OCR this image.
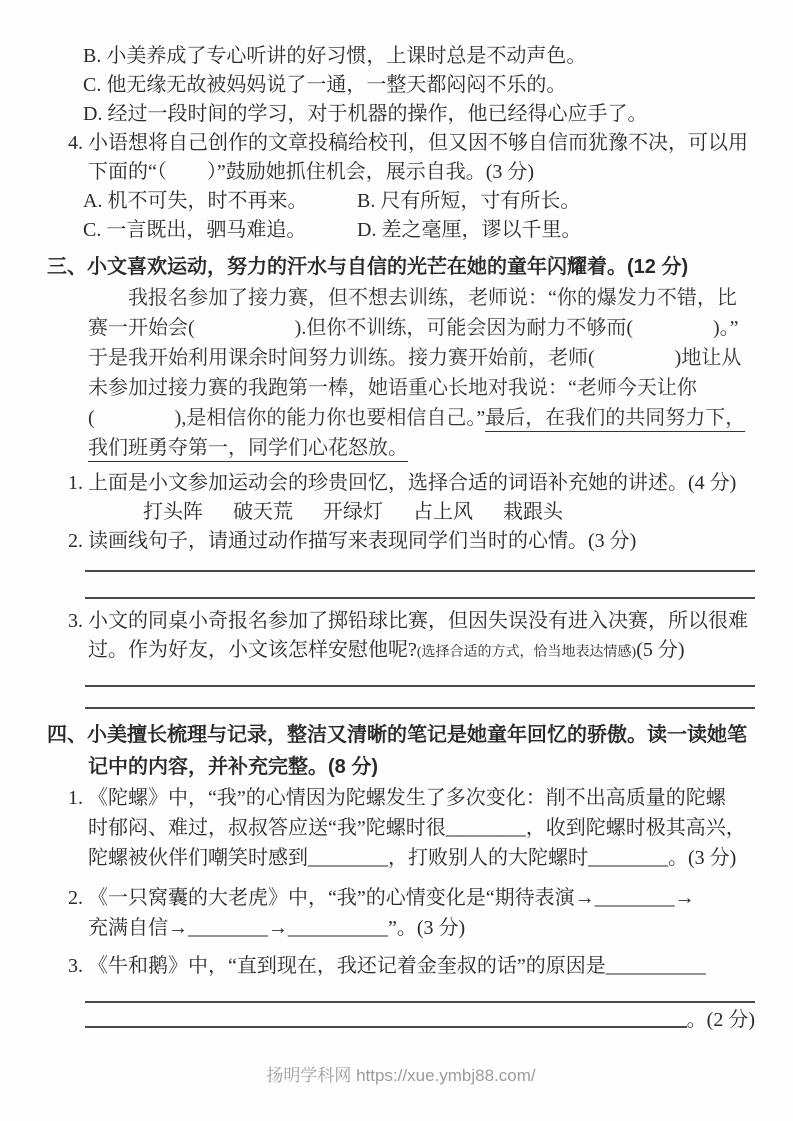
B. 小美养成了专心听讲的好习惯，上课时总是不动声色。
C. 他无缘无故被妈妈说了一通，一整天都闷闷不乐的。
D. 经过一段时间的学习，对于机器的操作，他已经得心应手了。
4. 小语想将自己创作的文章投稿给校刊，但又因不够自信而犹豫不决，可以用
下面的“（　　）”鼓励她抓住机会，展示自我。(3 分)
A. 机不可失，时不再来。	B. 尺有所短，寸有所长。
C. 一言既出，驷马难追。	D. 差之毫厘，谬以千里。
三、小文喜欢运动，努力的汗水与自信的光芒在她的童年闪耀着。(12 分)
我报名参加了接力赛，但不想去训练，老师说：“你的爆发力不错，比
赛一开始会(　　　　　).但你不训练，可能会因为耐力不够而(　　　　)。”
于是我开始利用课余时间努力训练。接力赛开始前，老师(　　　　)地让从
未参加过接力赛的我跑第一棒，她语重心长地对我说：“老师今天让你
(　　　　),是相信你的能力你也要相信自己。”最后，在我们的共同努力下，
我们班勇夺第一，同学们心花怒放。
1. 上面是小文参加运动会的珍贵回忆，选择合适的词语补充她的讲述。(4 分)
打头阵 破天荒 开绿灯 占上风 栽跟头
2. 读画线句子，请通过动作描写来表现同学们当时的心情。(3 分)
3. 小文的同桌小奇报名参加了掷铅球比赛，但因失误没有进入决赛，所以很难
过。作为好友，小文该怎样安慰他呢?(选择合适的方式，恰当地表达情感)(5 分)
四、小美擅长梳理与记录，整洁又清晰的笔记是她童年回忆的骄傲。读一读她笔
记中的内容，并补充完整。(8 分)
1. 《陀螺》中，“我”的心情因为陀螺发生了多次变化：削不出高质量的陀螺
时郁闷、难过，叔叔答应送“我”陀螺时很________，收到陀螺时极其高兴，
陀螺被伙伴们嘲笑时感到________，打败别人的大陀螺时________。(3 分)
2. 《一只窝囊的大老虎》中，“我”的心情变化是“期待表演→________→
充满自信→________→__________”。(3 分)
3. 《牛和鹅》中，“直到现在，我还记着金奎叔的话”的原因是__________
。(2 分)
扬明学科网 https://xue.ymbj88.com/
